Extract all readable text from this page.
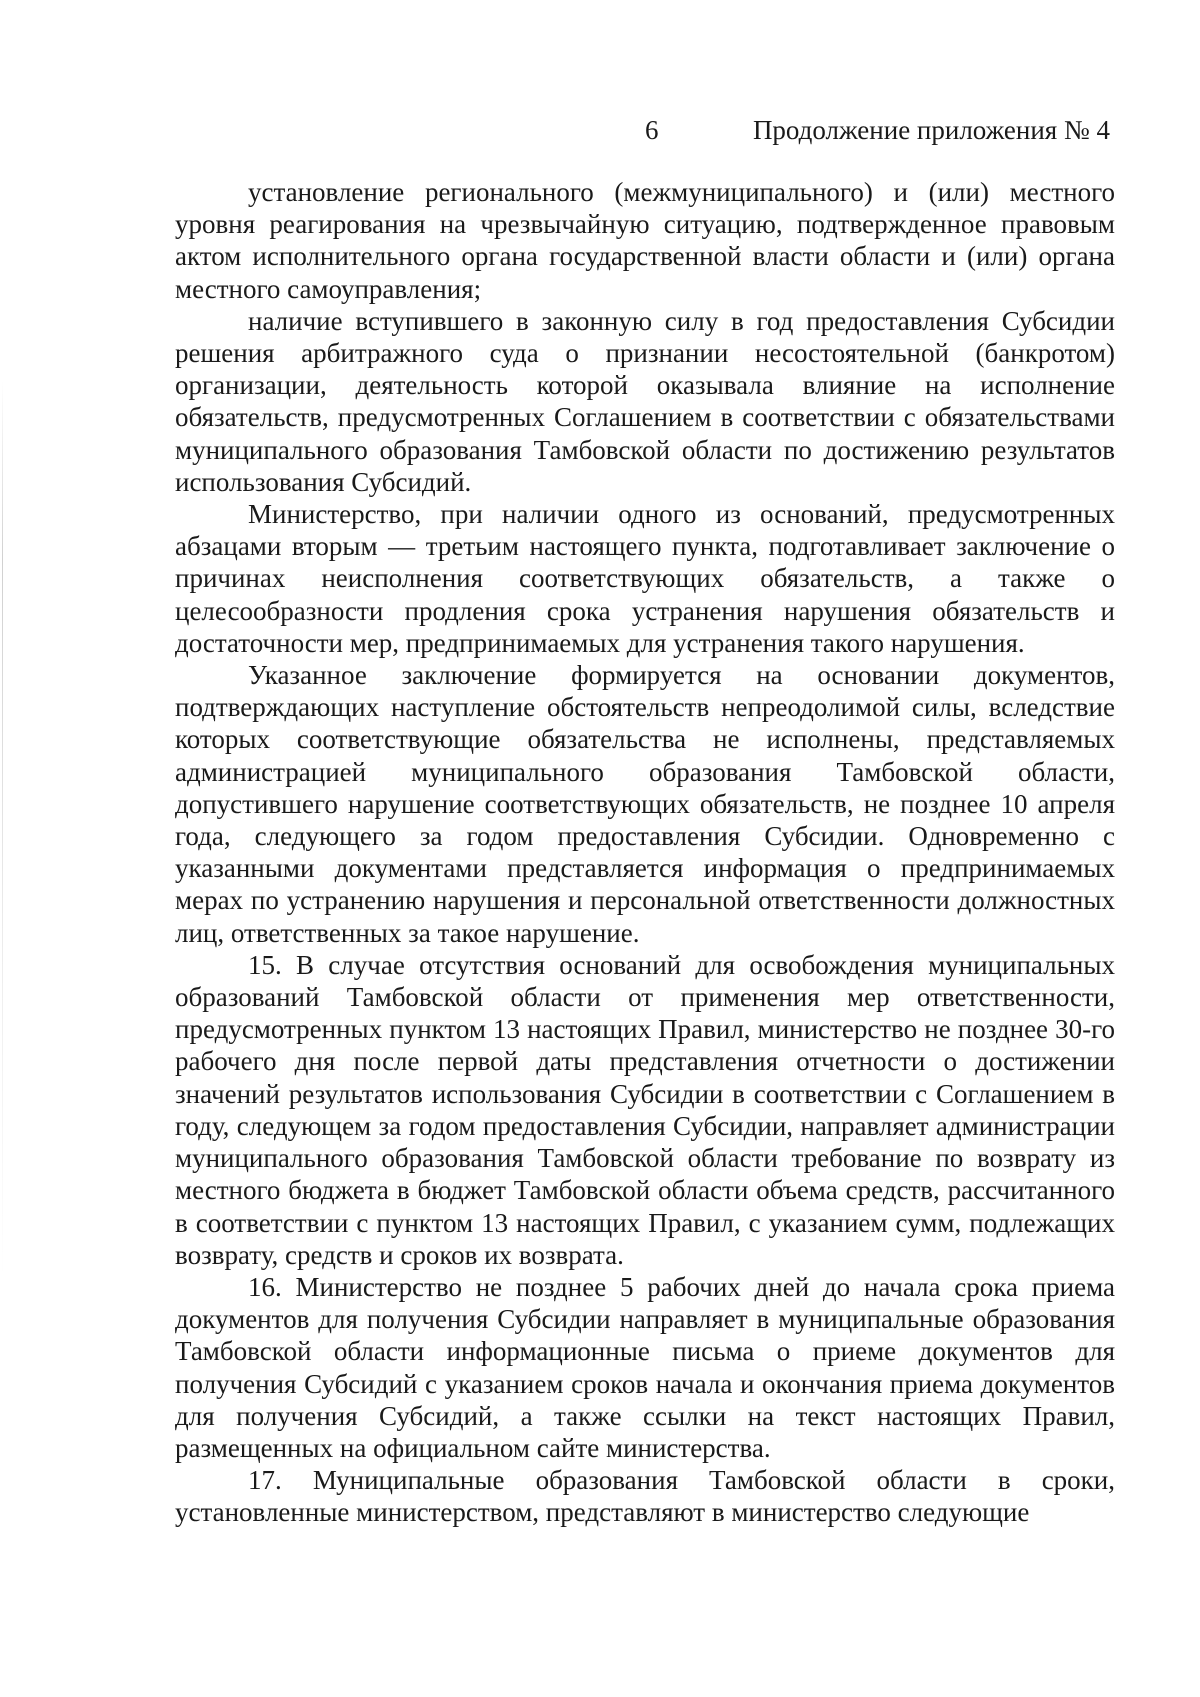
6	Продолжение приложения № 4

установление регионального (межмуниципального) и (или) местного уровня реагирования на чрезвычайную ситуацию, подтвержденное правовым актом исполнительного органа государственной власти области и (или) органа местного самоуправления;

наличие вступившего в законную силу в год предоставления Субсидии решения арбитражного суда о признании несостоятельной (банкротом) организации, деятельность которой оказывала влияние на исполнение обязательств, предусмотренных Соглашением в соответствии с обязательствами муниципального образования Тамбовской области по достижению результатов использования Субсидий.

Министерство, при наличии одного из оснований, предусмотренных абзацами вторым — третьим настоящего пункта, подготавливает заключение о причинах неисполнения соответствующих обязательств, а также о целесообразности продления срока устранения нарушения обязательств и достаточности мер, предпринимаемых для устранения такого нарушения.

Указанное заключение формируется на основании документов, подтверждающих наступление обстоятельств непреодолимой силы, вследствие которых соответствующие обязательства не исполнены, представляемых администрацией муниципального образования Тамбовской области, допустившего нарушение соответствующих обязательств, не позднее 10 апреля года, следующего за годом предоставления Субсидии. Одновременно с указанными документами представляется информация о предпринимаемых мерах по устранению нарушения и персональной ответственности должностных лиц, ответственных за такое нарушение.

15. В случае отсутствия оснований для освобождения муниципальных образований Тамбовской области от применения мер ответственности, предусмотренных пунктом 13 настоящих Правил, министерство не позднее 30-го рабочего дня после первой даты представления отчетности о достижении значений результатов использования Субсидии в соответствии с Соглашением в году, следующем за годом предоставления Субсидии, направляет администрации муниципального образования Тамбовской области требование по возврату из местного бюджета в бюджет Тамбовской области объема средств, рассчитанного в соответствии с пунктом 13 настоящих Правил, с указанием сумм, подлежащих возврату, средств и сроков их возврата.

16. Министерство не позднее 5 рабочих дней до начала срока приема документов для получения Субсидии направляет в муниципальные образования Тамбовской области информационные письма о приеме документов для получения Субсидий с указанием сроков начала и окончания приема документов для получения Субсидий, а также ссылки на текст настоящих Правил, размещенных на официальном сайте министерства.

17. Муниципальные образования Тамбовской области в сроки, установленные министерством, представляют в министерство следующие
